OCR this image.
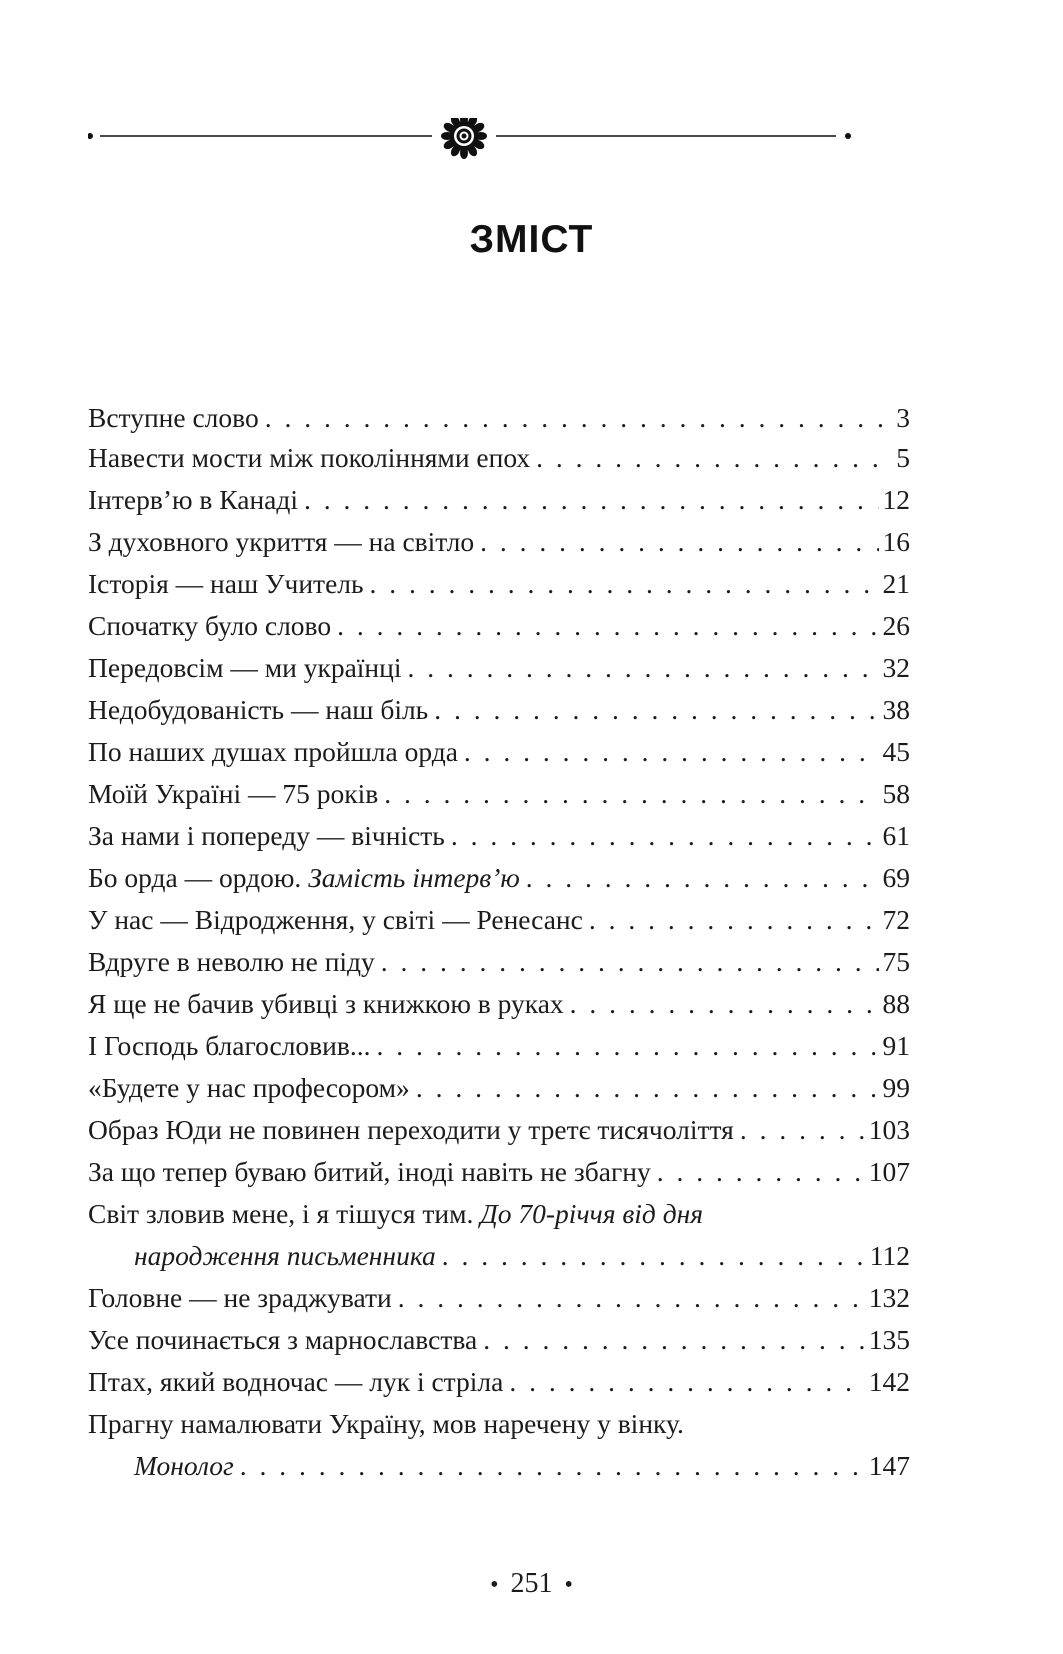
ЗМІСТ
Вступне слово . . .	3
Навести мости між поколіннями епох . . .	5
Інтерв’ю в Канаді . . .	12
З духовного укриття — на світло . . .	16
Історія — наш Учитель . . .	21
Спочатку було слово . . .	26
Передовсім — ми українці . . .	32
Недобудованість — наш біль . . .	38
По наших душах пройшла орда . . .	45
Моїй Україні — 75 років . . .	58
За нами і попереду — вічність . . .	61
Бо орда — ордою. Замість інтерв’ю . . .	69
У нас — Відродження, у світі — Ренесанс . . .	72
Вдруге в неволю не піду . . .	75
Я ще не бачив убивці з книжкою в руках . . .	88
І Господь благословив... . . .	91
«Будете у нас професором» . . .	99
Образ Юди не повинен переходити у третє тисячоліття . . .	103
За що тепер буваю битий, іноді навіть не збагну . . .	107
Світ зловив мене, і я тішуся тим. До 70-річчя від дня
народження письменника . . .	112
Головне — не зраджувати . . .	132
Усе починається з марнославства . . .	135
Птах, який водночас — лук і стріла . . .	142
Прагну намалювати Україну, мов наречену у вінку.
Монолог . . .	147
• 251 •
